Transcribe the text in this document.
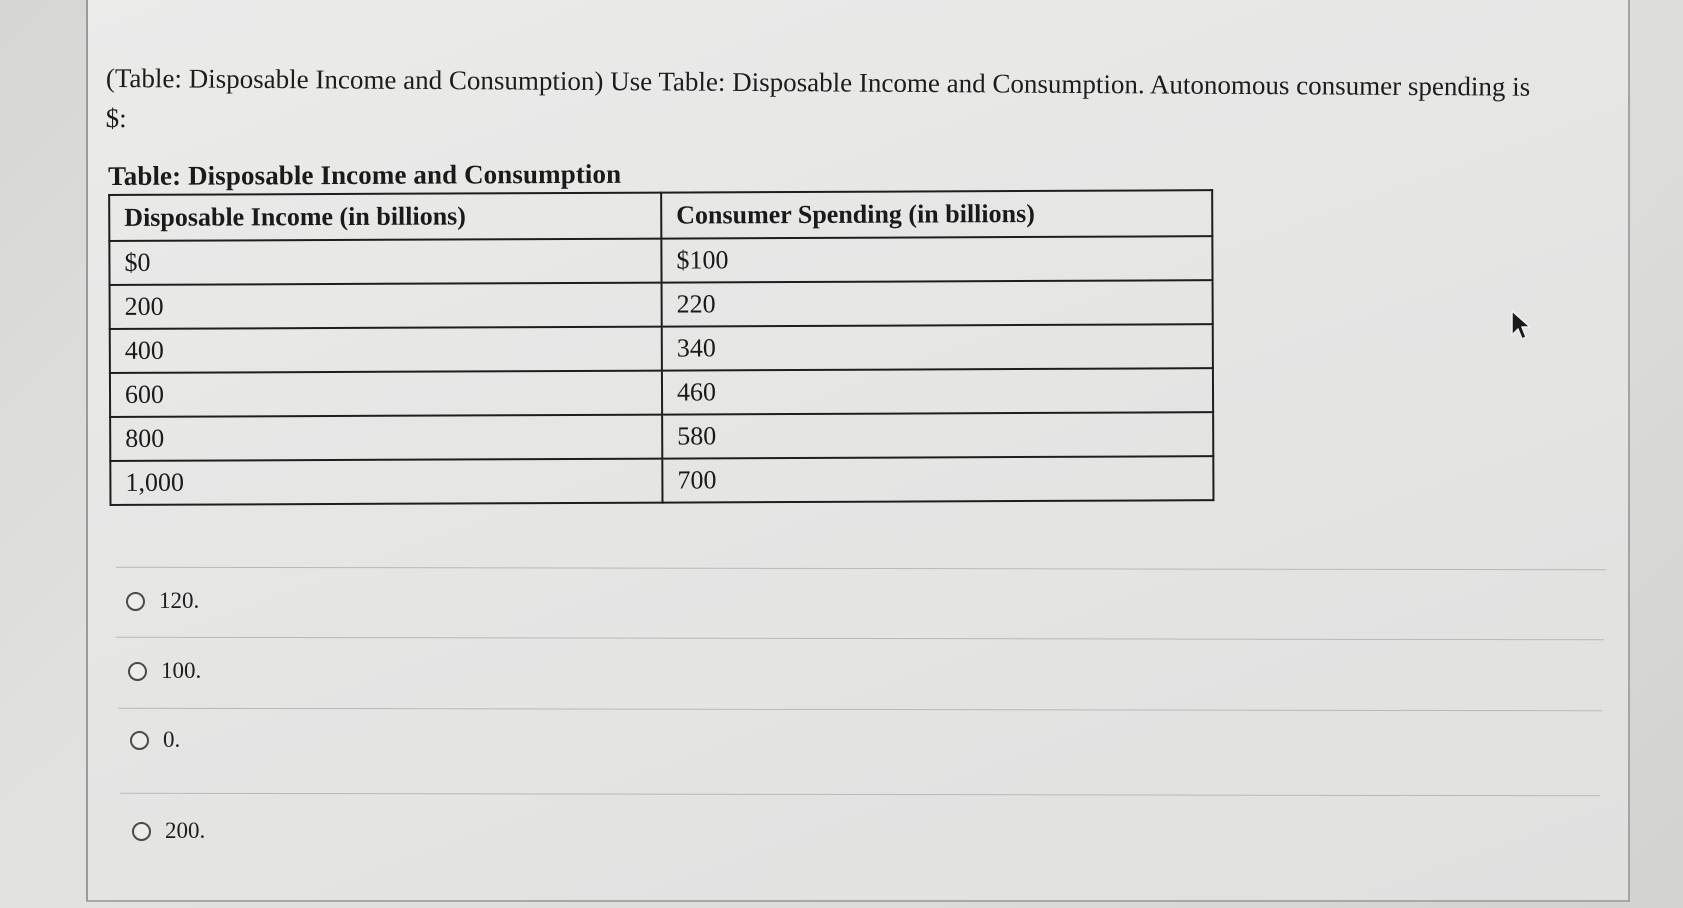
(Table: Disposable Income and Consumption) Use Table: Disposable Income and Consumption. Autonomous consumer spending is
$:
Table: Disposable Income and Consumption
Disposable Income (in billions)	Consumer Spending (in billions)
$0	$100
200	220
400	340
600	460
800	580
1,000	700
120.
100.
0.
200.
